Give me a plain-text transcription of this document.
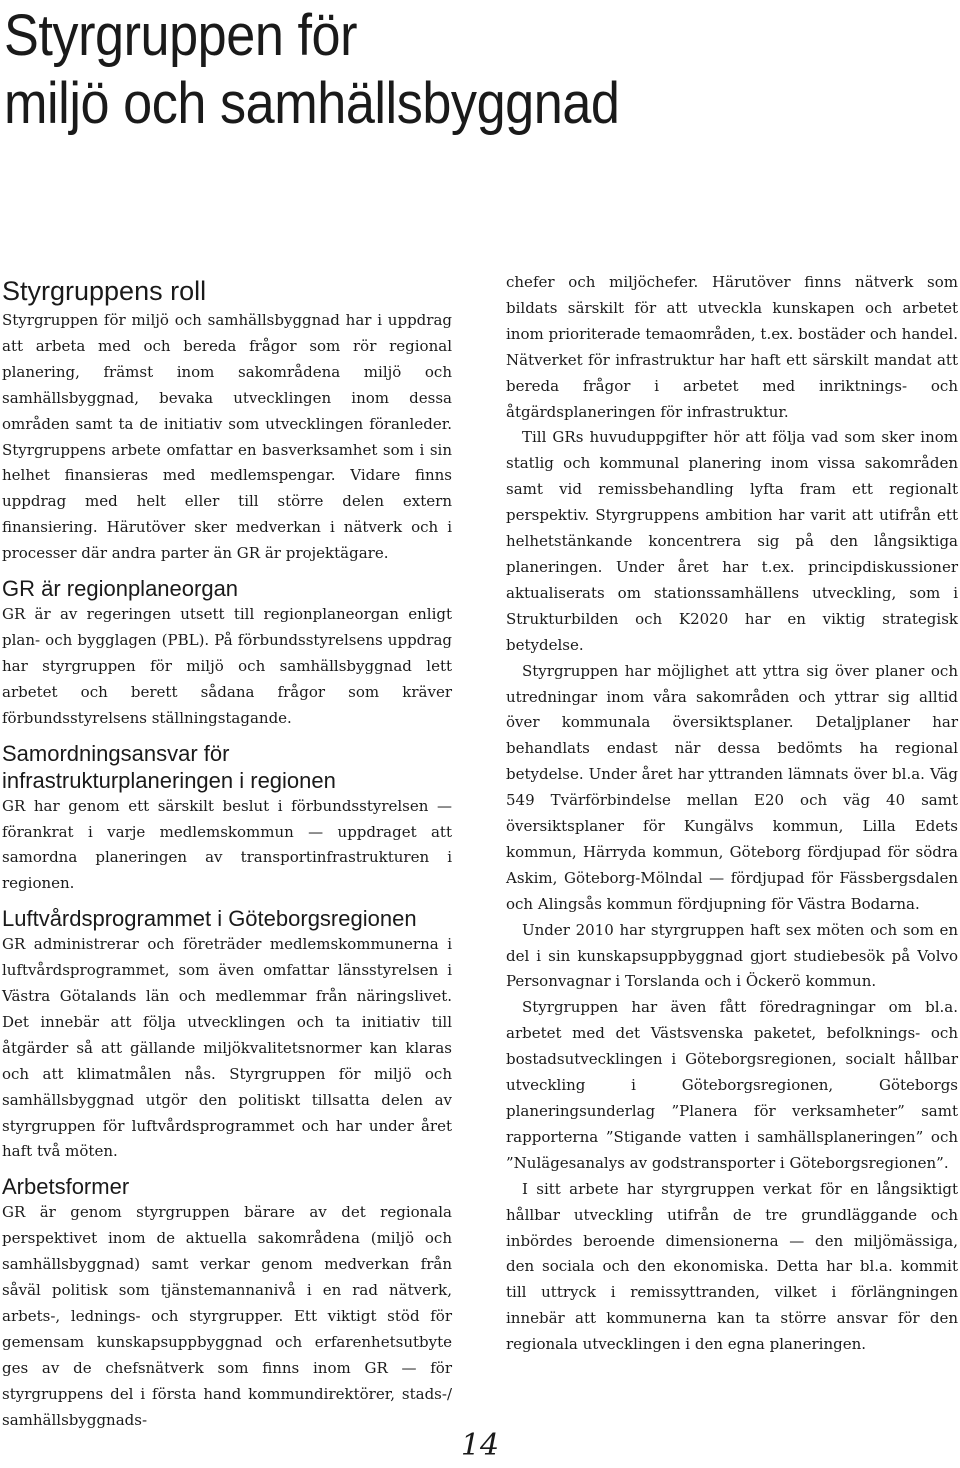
Styrgruppen för
miljö och samhällsbyggnad
Styrgruppens roll

Styrgruppen för miljö och samhällsbyggnad har i uppdrag att arbeta med och bereda frågor som rör regional planering, främst inom sakområdena miljö och samhällsbyggnad, bevaka utvecklingen inom dessa områden samt ta de initiativ som utvecklingen föranleder. Styrgruppens arbete omfattar en basverksamhet som i sin helhet finansieras med medlemspengar. Vidare finns uppdrag med helt eller till större delen extern finansiering. Härutöver sker medverkan i nätverk och i processer där andra parter än GR är projektägare.

GR är regionplaneorgan

GR är av regeringen utsett till regionplaneorgan enligt plan- och bygglagen (PBL). På förbundsstyrelsens uppdrag har styrgruppen för miljö och samhällsbyggnad lett arbetet och berett sådana frågor som kräver förbundsstyrelsens ställningstagande.

Samordningsansvar för
infrastrukturplaneringen i regionen

GR har genom ett särskilt beslut i förbundsstyrelsen — förankrat i varje medlemskommun — uppdraget att samordna planeringen av transportinfrastrukturen i regionen.

Luftvårdsprogrammet i Göteborgsregionen

GR administrerar och företräder medlemskommunerna i luftvårdsprogrammet, som även omfattar länsstyrelsen i Västra Götalands län och medlemmar från näringslivet. Det innebär att följa utvecklingen och ta initiativ till åtgärder så att gällande miljökvalitetsnormer kan klaras och att klimatmålen nås. Styrgruppen för miljö och samhällsbyggnad utgör den politiskt tillsatta delen av styrgruppen för luftvårdsprogrammet och har under året haft två möten.

Arbetsformer

GR är genom styrgruppen bärare av det regionala perspektivet inom de aktuella sakområdena (miljö och samhällsbyggnad) samt verkar genom medverkan från såväl politisk som tjänstemannanivå i en rad nätverk, arbets-, lednings- och styrgrupper. Ett viktigt stöd för gemensam kunskapsuppbyggnad och erfarenhetsutbyte ges av de chefsnätverk som finns inom GR — för styrgruppens del i första hand kommundirektörer, stads-/ samhällsbyggnads-

chefer och miljöchefer. Härutöver finns nätverk som bildats särskilt för att utveckla kunskapen och arbetet inom prioriterade temaområden, t.ex. bostäder och handel. Nätverket för infrastruktur har haft ett särskilt mandat att bereda frågor i arbetet med inriktnings- och åtgärdsplaneringen för infrastruktur.

Till GRs huvuduppgifter hör att följa vad som sker inom statlig och kommunal planering inom vissa sakområden samt vid remissbehandling lyfta fram ett regionalt perspektiv. Styrgruppens ambition har varit att utifrån ett helhetstänkande koncentrera sig på den långsiktiga planeringen. Under året har t.ex. principdiskussioner aktualiserats om stationssamhällens utveckling, som i Strukturbilden och K2020 har en viktig strategisk betydelse.

Styrgruppen har möjlighet att yttra sig över planer och utredningar inom våra sakområden och yttrar sig alltid över kommunala översiktsplaner. Detaljplaner har behandlats endast när dessa bedömts ha regional betydelse. Under året har yttranden lämnats över bl.a. Väg 549 Tvärförbindelse mellan E20 och väg 40 samt översiktsplaner för Kungälvs kommun, Lilla Edets kommun, Härryda kommun, Göteborg fördjupad för södra Askim, Göteborg-Mölndal — fördjupad för Fässbergsdalen och Alingsås kommun fördjupning för Västra Bodarna.

Under 2010 har styrgruppen haft sex möten och som en del i sin kunskapsuppbyggnad gjort studiebesök på Volvo Personvagnar i Torslanda och i Öckerö kommun.

Styrgruppen har även fått föredragningar om bl.a. arbetet med det Västsvenska paketet, befolknings- och bostadsutvecklingen i Göteborgsregionen, socialt hållbar utveckling i Göteborgsregionen, Göteborgs planeringsunderlag ”Planera för verksamheter” samt rapporterna ”Stigande vatten i samhällsplaneringen” och ”Nulägesanalys av godstransporter i Göteborgsregionen”.

I sitt arbete har styrgruppen verkat för en långsiktigt hållbar utveckling utifrån de tre grundläggande och inbördes beroende dimensionerna — den miljömässiga, den sociala och den ekonomiska. Detta har bl.a. kommit till uttryck i remissyttranden, vilket i förlängningen innebär att kommunerna kan ta större ansvar för den regionala utvecklingen i den egna planeringen.

14
